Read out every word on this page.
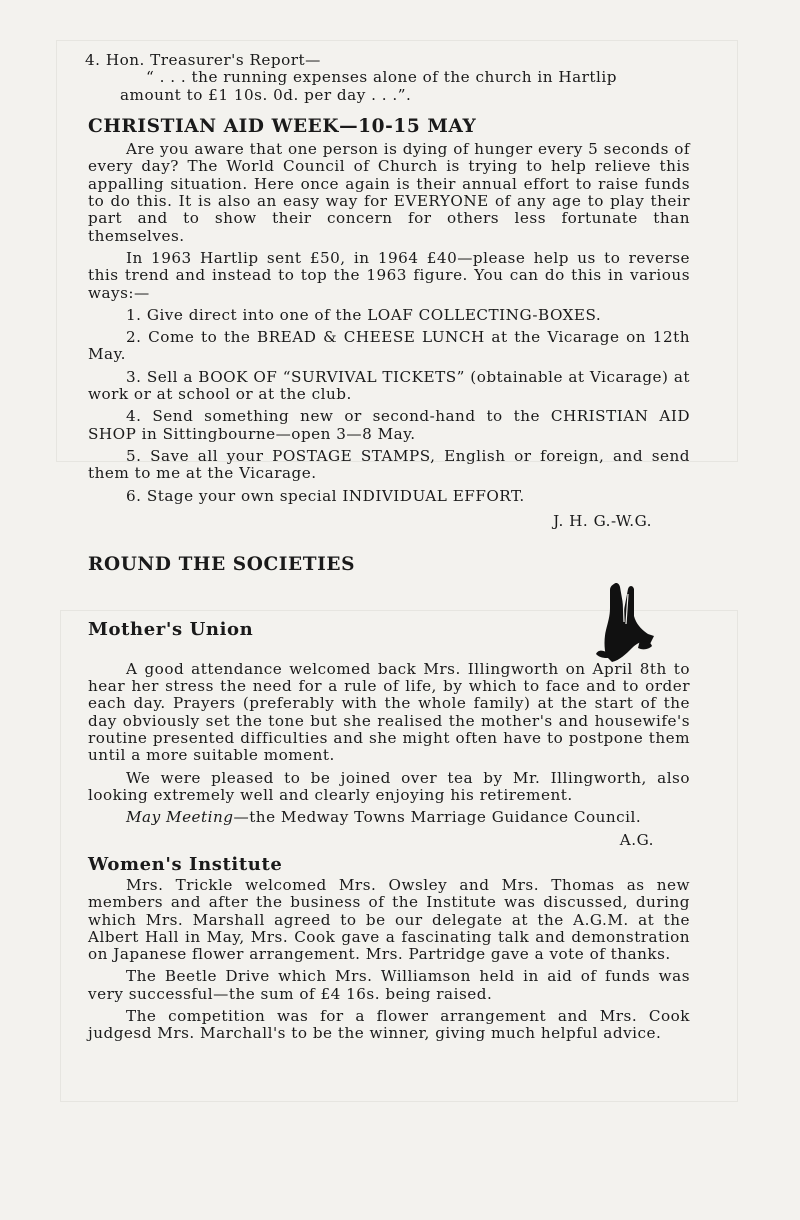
4. Hon. Treasurer's Report—

“ . . . the running expenses alone of the church in Hartlip

amount to £1 10s. 0d. per day . . .”.

CHRISTIAN AID WEEK—10-15 MAY

Are you aware that one person is dying of hunger every 5 seconds of every day? The World Council of Church is trying to help relieve this appalling situation. Here once again is their annual effort to raise funds to do this. It is also an easy way for EVERYONE of any age to play their part and to show their concern for others less fortunate than themselves.

In 1963 Hartlip sent £50, in 1964 £40—please help us to reverse this trend and instead to top the 1963 figure. You can do this in various ways:—

1. Give direct into one of the LOAF COLLECTING-BOXES.

2. Come to the BREAD & CHEESE LUNCH at the Vicarage on 12th May.

3. Sell a BOOK OF “SURVIVAL TICKETS” (obtainable at Vicarage) at work or at school or at the club.

4. Send something new or second-hand to the CHRISTIAN AID SHOP in Sittingbourne—open 3—8 May.

5. Save all your POSTAGE STAMPS, English or foreign, and send them to me at the Vicarage.

6. Stage your own special INDIVIDUAL EFFORT.

J. H. G.-W.G.

ROUND THE SOCIETIES
Mother's Union

A good attendance welcomed back Mrs. Illingworth on April 8th to hear her stress the need for a rule of life, by which to face and to order each day. Prayers (preferably with the whole family) at the start of the day obviously set the tone but she realised the mother's and housewife's routine presented difficulties and she might often have to postpone them until a more suitable moment.

We were pleased to be joined over tea by Mr. Illingworth, also looking extremely well and clearly enjoying his retirement.

May Meeting—the Medway Towns Marriage Guidance Council.

A.G.

Women's Institute

Mrs. Trickle welcomed Mrs. Owsley and Mrs. Thomas as new members and after the business of the Institute was discussed, during which Mrs. Marshall agreed to be our delegate at the A.G.M. at the Albert Hall in May, Mrs. Cook gave a fascinating talk and demonstration on Japanese flower arrangement. Mrs. Partridge gave a vote of thanks.

The Beetle Drive which Mrs. Williamson held in aid of funds was very successful—the sum of £4 16s. being raised.

The competition was for a flower arrangement and Mrs. Cook judgesd Mrs. Marchall's to be the winner, giving much helpful advice.
